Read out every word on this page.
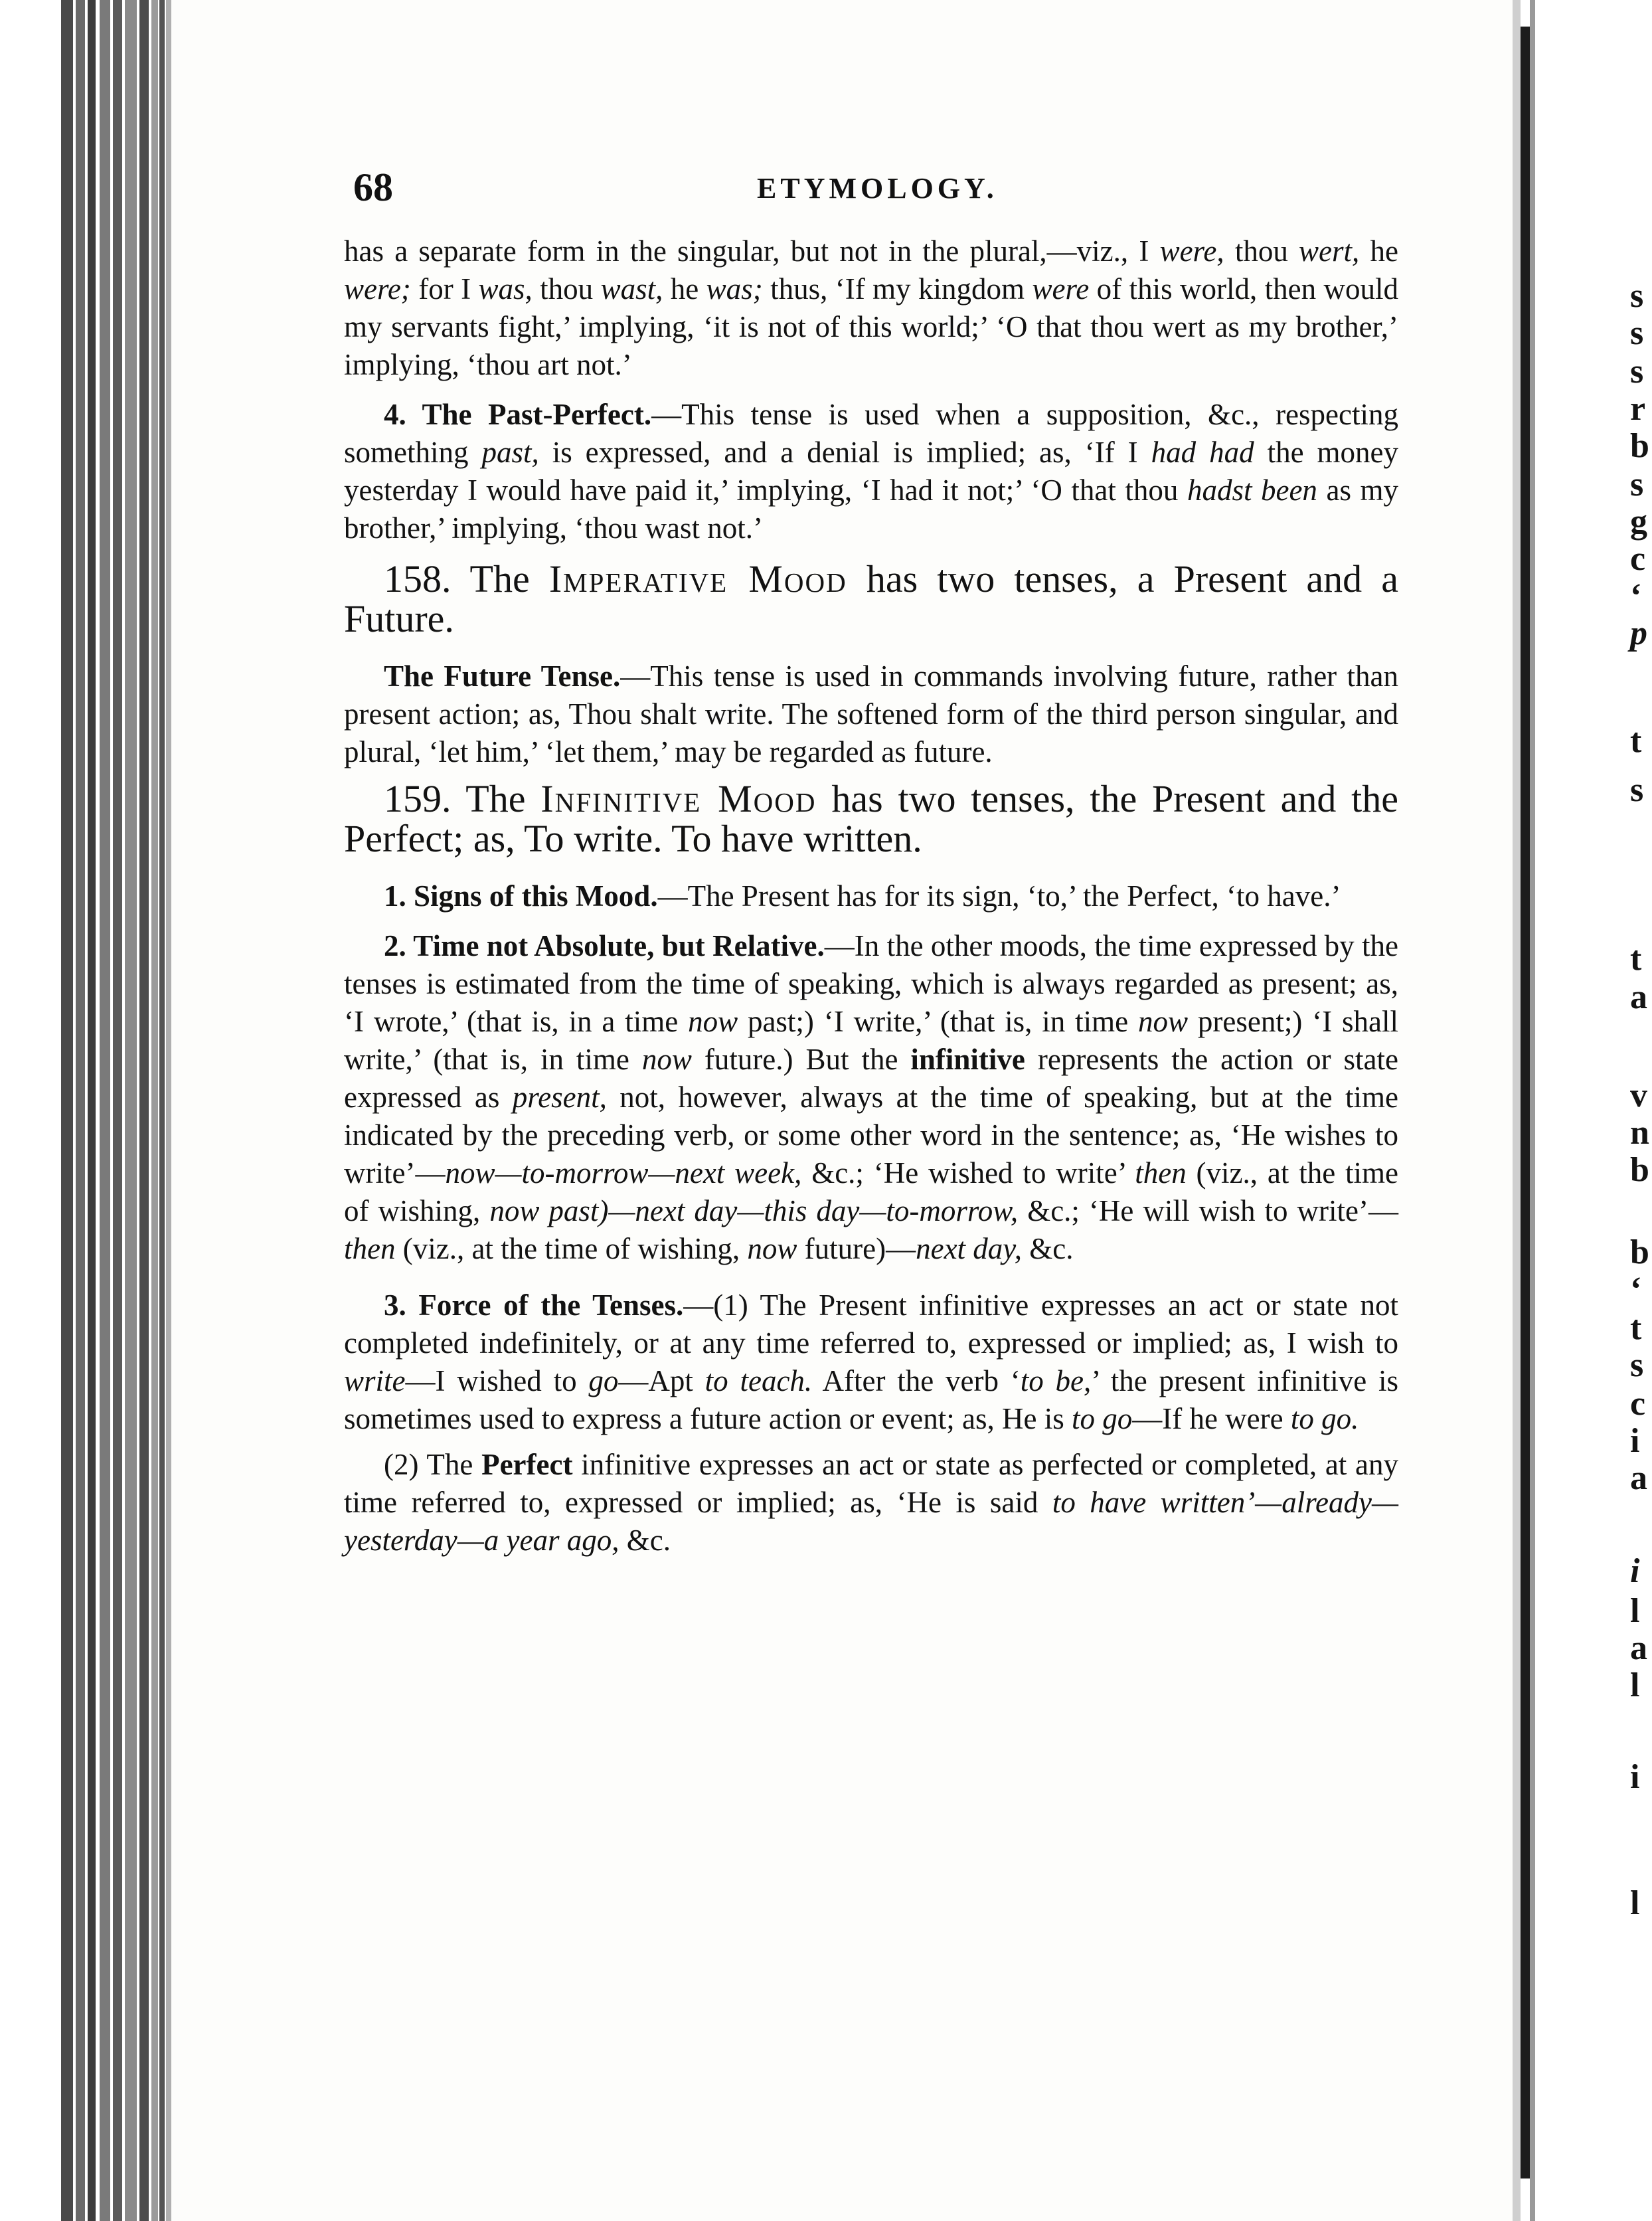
s
s
s
r
b
s
g
c
‘
p
t
s
t
a
v
n
b
b
‘
t
s
c
i
a
i
l
a
l
i
l
68	ETYMOLOGY.

has a separate form in the singular, but not in the plural,—viz., I were, thou wert, he were; for I was, thou wast, he was; thus, ‘If my kingdom were of this world, then would my servants fight,’ implying, ‘it is not of this world;’ ‘O that thou wert as my brother,’ implying, ‘thou art not.’

4. The Past-Perfect.—This tense is used when a supposition, &c., respecting something past, is expressed, and a denial is implied; as, ‘If I had had the money yesterday I would have paid it,’ implying, ‘I had it not;’ ‘O that thou hadst been as my brother,’ implying, ‘thou wast not.’

158. The Imperative Mood has two tenses, a Present and a Future.

The Future Tense.—This tense is used in commands involving future, rather than present action; as, Thou shalt write. The softened form of the third person singular, and plural, ‘let him,’ ‘let them,’ may be regarded as future.

159. The Infinitive Mood has two tenses, the Present and the Perfect; as, To write. To have written.

1. Signs of this Mood.—The Present has for its sign, ‘to,’ the Perfect, ‘to have.’

2. Time not Absolute, but Relative.—In the other moods, the time expressed by the tenses is estimated from the time of speaking, which is always regarded as present; as, ‘I wrote,’ (that is, in a time now past;) ‘I write,’ (that is, in time now present;) ‘I shall write,’ (that is, in time now future.) But the infinitive represents the action or state expressed as present, not, however, always at the time of speaking, but at the time indicated by the preceding verb, or some other word in the sentence; as, ‘He wishes to write’—now—to-morrow—next week, &c.; ‘He wished to write’ then (viz., at the time of wishing, now past)—next day—this day—to-morrow, &c.; ‘He will wish to write’—then (viz., at the time of wishing, now future)—next day, &c.

3. Force of the Tenses.—(1) The Present infinitive expresses an act or state not completed indefinitely, or at any time referred to, expressed or implied; as, I wish to write—I wished to go—Apt to teach. After the verb ‘to be,’ the present infinitive is sometimes used to express a future action or event; as, He is to go—If he were to go.

(2) The Perfect infinitive expresses an act or state as perfected or completed, at any time referred to, expressed or implied; as, ‘He is said to have written’—already—yesterday—a year ago, &c.
